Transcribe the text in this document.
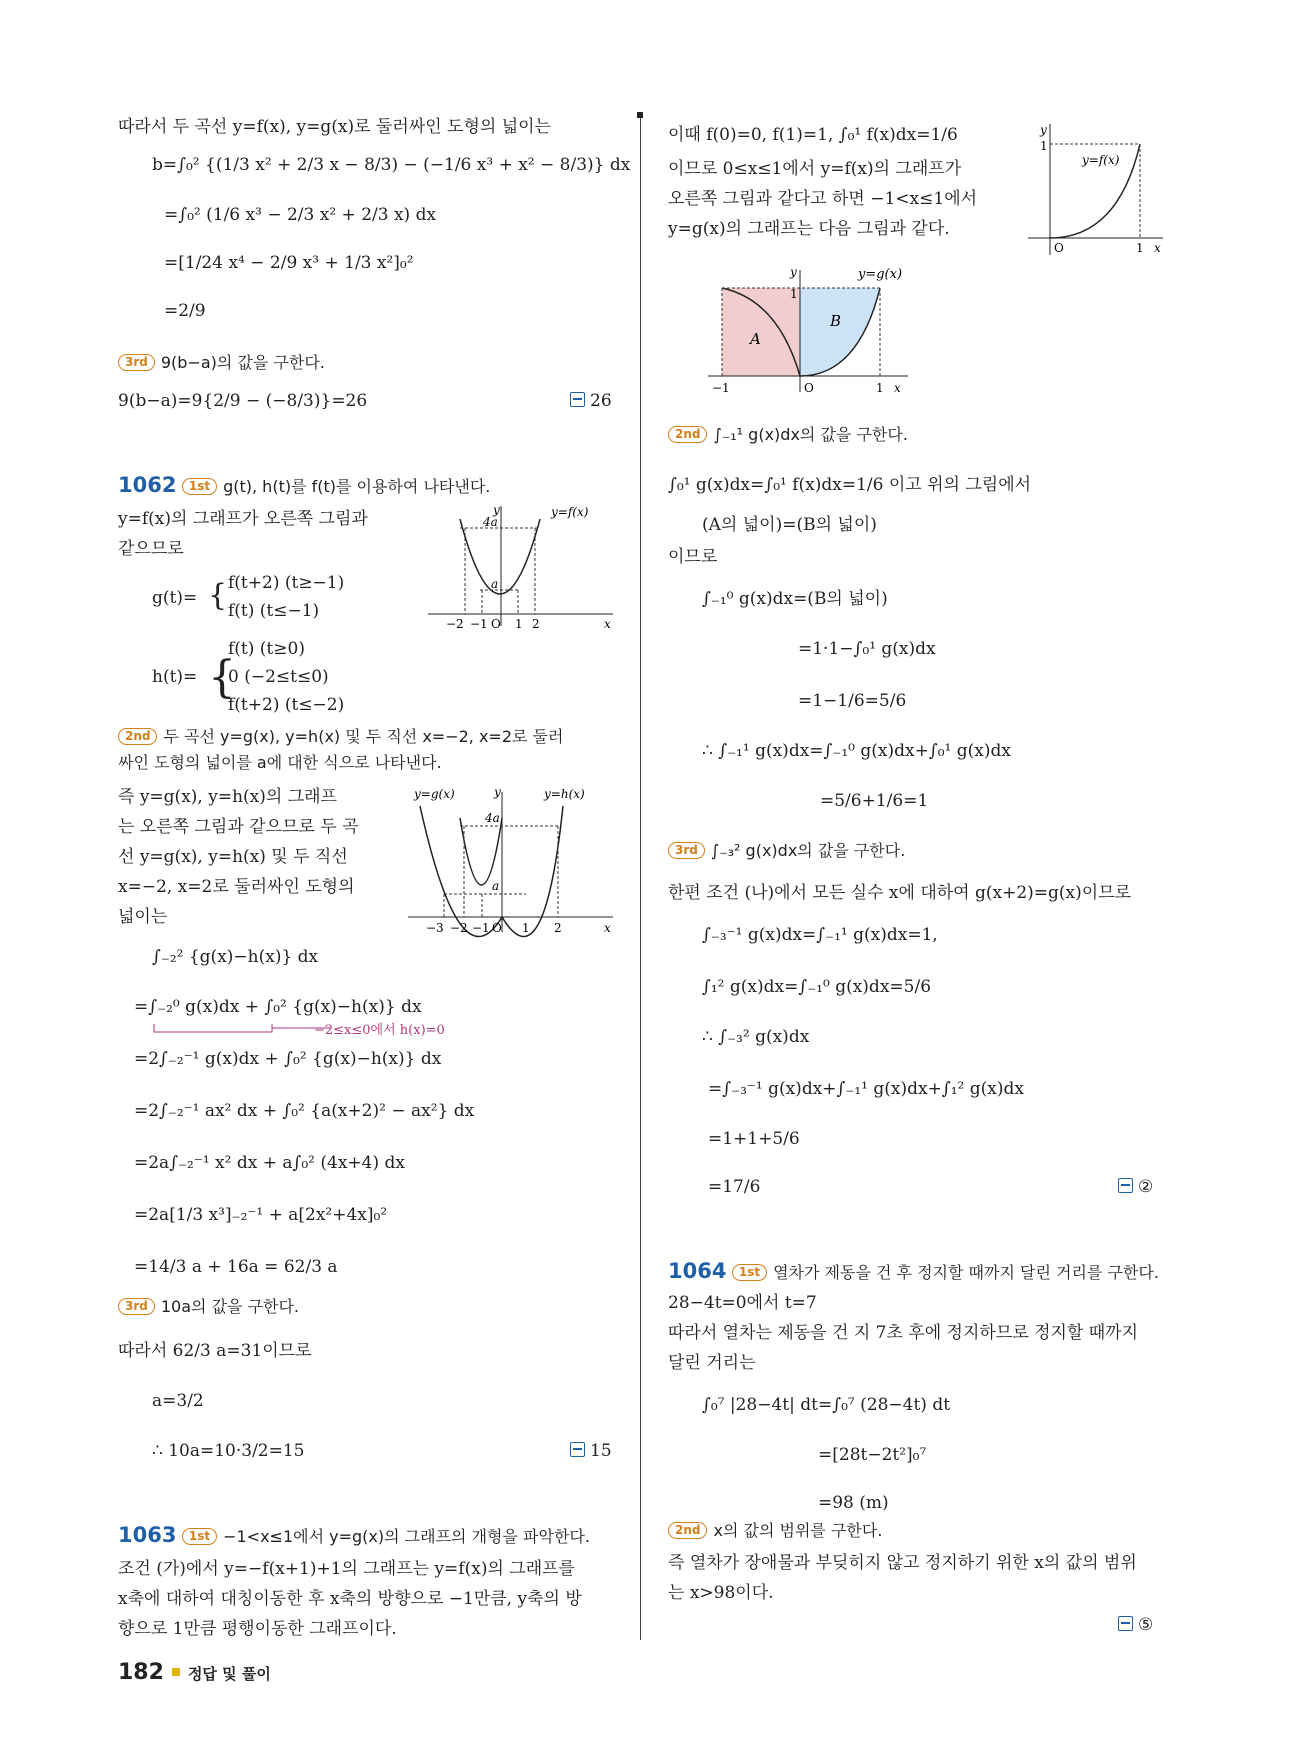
따라서 두 곡선 y=f(x), y=g(x)로 둘러싸인 도형의 넓이는
b=∫₀² {(1/3 x² + 2/3 x − 8/3) − (−1/6 x³ + x² − 8/3)} dx
=∫₀² (1/6 x³ − 2/3 x² + 2/3 x) dx
=[1/24 x⁴ − 2/9 x³ + 1/3 x²]₀²
=2/9
3rd 9(b−a)의 값을 구한다.
9(b−a)=9{2/9 − (−8/3)}=26	26
1062 1st g(t), h(t)를 f(t)를 이용하여 나타낸다.
y=f(x)의 그래프가 오른쪽 그림과
같으므로
g(t)= { f(t+2) (t≥−1)
f(t) (t≤−1)
h(t)= {
f(t) (t≥0)
0 (−2≤t≤0)
f(t+2) (t≤−2)
y	y=f(x)
4a
a
−2 −1 O 1 2	x
2nd 두 곡선 y=g(x), y=h(x) 및 두 직선 x=−2, x=2로 둘러
싸인 도형의 넓이를 a에 대한 식으로 나타낸다.
즉 y=g(x), y=h(x)의 그래프
는 오른쪽 그림과 같으므로 두 곡
선 y=g(x), y=h(x) 및 두 직선
x=−2, x=2로 둘러싸인 도형의
넓이는
y=g(x)	y	y=h(x)
4a
a
−3 −2 −1 O 1 2	x
∫₋₂² {g(x)−h(x)} dx
=∫₋₂⁰ g(x)dx + ∫₀² {g(x)−h(x)} dx
−2≤x≤0에서 h(x)=0
=2∫₋₂⁻¹ g(x)dx + ∫₀² {g(x)−h(x)} dx
=2∫₋₂⁻¹ ax² dx + ∫₀² {a(x+2)² − ax²} dx
=2a∫₋₂⁻¹ x² dx + a∫₀² (4x+4) dx
=2a[1/3 x³]₋₂⁻¹ + a[2x²+4x]₀²
=14/3 a + 16a = 62/3 a
3rd 10a의 값을 구한다.
따라서 62/3 a=31이므로
a=3/2
∴ 10a=10·3/2=15	15
1063 1st −1<x≤1에서 y=g(x)의 그래프의 개형을 파악한다.
조건 (가)에서 y=−f(x+1)+1의 그래프는 y=f(x)의 그래프를
x축에 대하여 대칭이동한 후 x축의 방향으로 −1만큼, y축의 방
향으로 1만큼 평행이동한 그래프이다.
이때 f(0)=0, f(1)=1, ∫₀¹ f(x)dx=1/6
이므로 0≤x≤1에서 y=f(x)의 그래프가
오른쪽 그림과 같다고 하면 −1<x≤1에서
y=g(x)의 그래프는 다음 그림과 같다.
y
1
y=f(x)
O	1 x
y
1
y=g(x)
A
B
−1	O	1 x
2nd ∫₋₁¹ g(x)dx의 값을 구한다.
∫₀¹ g(x)dx=∫₀¹ f(x)dx=1/6 이고 위의 그림에서
(A의 넓이)=(B의 넓이)
이므로
∫₋₁⁰ g(x)dx=(B의 넓이)
=1·1−∫₀¹ g(x)dx
=1−1/6=5/6
∴ ∫₋₁¹ g(x)dx=∫₋₁⁰ g(x)dx+∫₀¹ g(x)dx
=5/6+1/6=1
3rd ∫₋₃² g(x)dx의 값을 구한다.
한편 조건 (나)에서 모든 실수 x에 대하여 g(x+2)=g(x)이므로
∫₋₃⁻¹ g(x)dx=∫₋₁¹ g(x)dx=1,
∫₁² g(x)dx=∫₋₁⁰ g(x)dx=5/6
∴ ∫₋₃² g(x)dx
=∫₋₃⁻¹ g(x)dx+∫₋₁¹ g(x)dx+∫₁² g(x)dx
=1+1+5/6
=17/6	②
1064 1st 열차가 제동을 건 후 정지할 때까지 달린 거리를 구한다.
28−4t=0에서 t=7
따라서 열차는 제동을 건 지 7초 후에 정지하므로 정지할 때까지
달린 거리는
∫₀⁷ |28−4t| dt=∫₀⁷ (28−4t) dt
=[28t−2t²]₀⁷
=98 (m)
2nd x의 값의 범위를 구한다.
즉 열차가 장애물과 부딪히지 않고 정지하기 위한 x의 값의 범위
는 x>98이다.
⑤
182 정답 및 풀이
